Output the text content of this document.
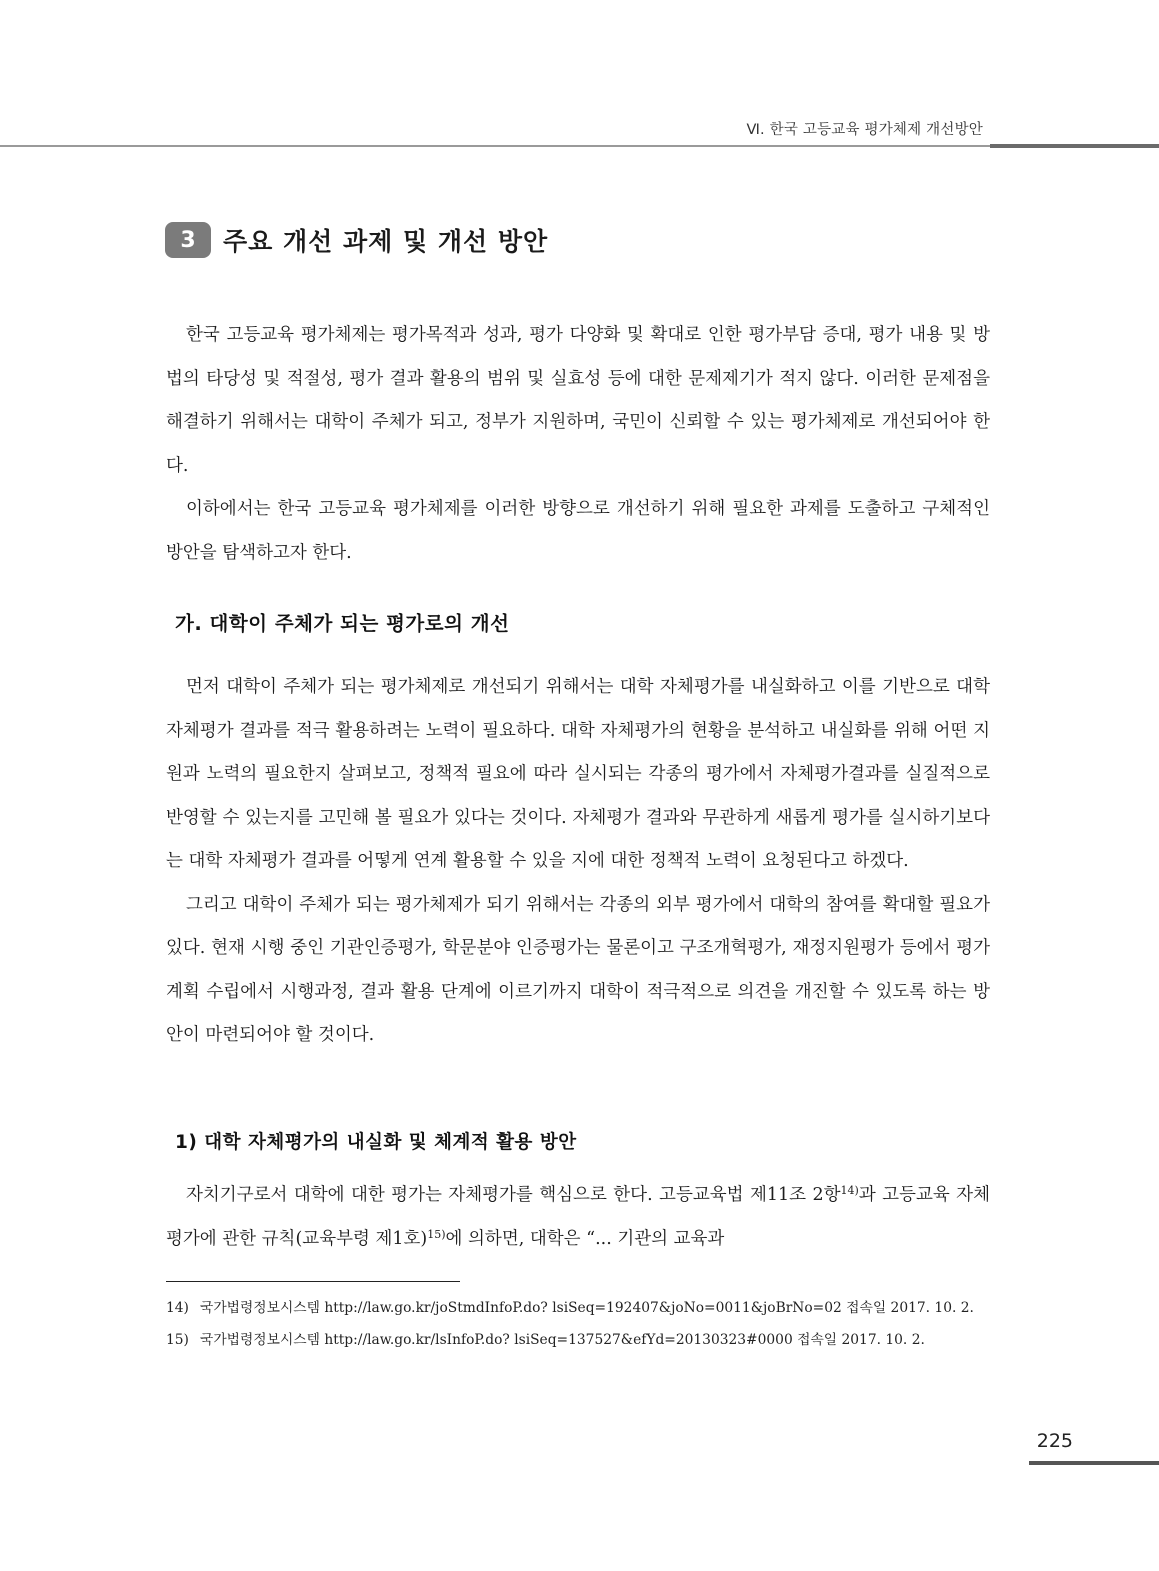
Ⅵ. 한국 고등교육 평가체제 개선방안
3	주요 개선 과제 및 개선 방안

한국 고등교육 평가체제는 평가목적과 성과, 평가 다양화 및 확대로 인한 평가부담 증대, 평가 내용 및 방법의 타당성 및 적절성, 평가 결과 활용의 범위 및 실효성 등에 대한 문제제기가 적지 않다. 이러한 문제점을 해결하기 위해서는 대학이 주체가 되고, 정부가 지원하며, 국민이 신뢰할 수 있는 평가체제로 개선되어야 한다.

이하에서는 한국 고등교육 평가체제를 이러한 방향으로 개선하기 위해 필요한 과제를 도출하고 구체적인 방안을 탐색하고자 한다.

가. 대학이 주체가 되는 평가로의 개선

먼저 대학이 주체가 되는 평가체제로 개선되기 위해서는 대학 자체평가를 내실화하고 이를 기반으로 대학 자체평가 결과를 적극 활용하려는 노력이 필요하다. 대학 자체평가의 현황을 분석하고 내실화를 위해 어떤 지원과 노력의 필요한지 살펴보고, 정책적 필요에 따라 실시되는 각종의 평가에서 자체평가결과를 실질적으로 반영할 수 있는지를 고민해 볼 필요가 있다는 것이다. 자체평가 결과와 무관하게 새롭게 평가를 실시하기보다는 대학 자체평가 결과를 어떻게 연계 활용할 수 있을 지에 대한 정책적 노력이 요청된다고 하겠다.

그리고 대학이 주체가 되는 평가체제가 되기 위해서는 각종의 외부 평가에서 대학의 참여를 확대할 필요가 있다. 현재 시행 중인 기관인증평가, 학문분야 인증평가는 물론이고 구조개혁평가, 재정지원평가 등에서 평가계획 수립에서 시행과정, 결과 활용 단계에 이르기까지 대학이 적극적으로 의견을 개진할 수 있도록 하는 방안이 마련되어야 할 것이다.

1) 대학 자체평가의 내실화 및 체계적 활용 방안

자치기구로서 대학에 대한 평가는 자체평가를 핵심으로 한다. 고등교육법 제11조 2항$^{14)}$과 고등교육 자체평가에 관한 규칙(교육부령 제1호)$^{15)}$에 의하면, 대학은 “... 기관의 교육과

14) 국가법령정보시스템 http://law.go.kr/joStmdInfoP.do? lsiSeq=192407&joNo=0011&joBrNo=02 접속일 2017. 10. 2.
15) 국가법령정보시스템 http://law.go.kr/lsInfoP.do? lsiSeq=137527&efYd=20130323#0000 접속일 2017. 10. 2.
225
